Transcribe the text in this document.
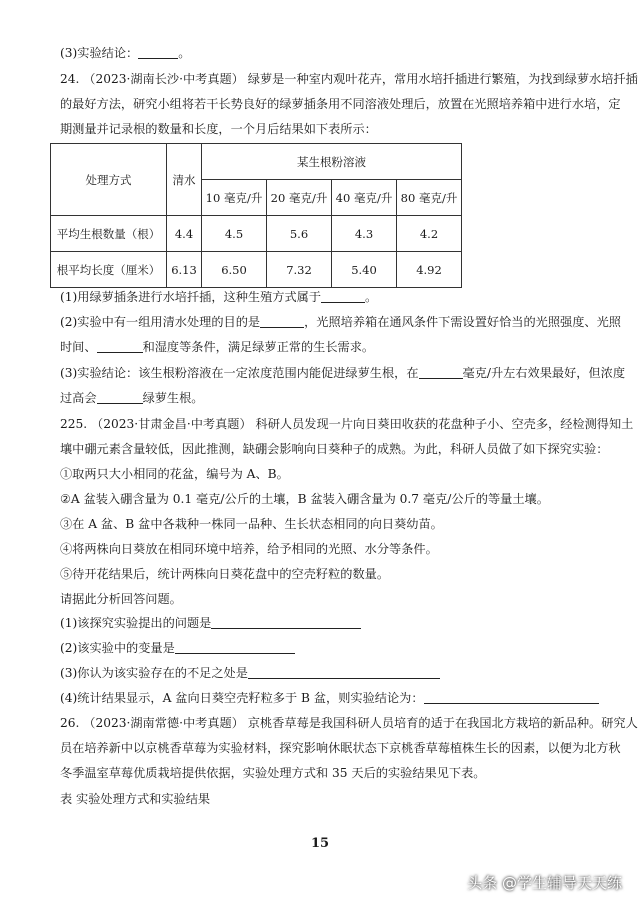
(3)实验结论：	。
24. （2023·湖南长沙·中考真题） 绿萝是一种室内观叶花卉，常用水培扦插进行繁殖，为找到绿萝水培扦插
的最好方法，研究小组将若干长势良好的绿萝插条用不同溶液处理后，放置在光照培养箱中进行水培，定
期测量并记录根的数量和长度，一个月后结果如下表所示：
处理方式	清水	某生根粉溶液			
		10 毫克/升	20 毫克/升	40 毫克/升	80 毫克/升
平均生根数量（根）	4.4	4.5	5.6	4.3	4.2
根平均长度（厘米）	6.13	6.50	7.32	5.40	4.92
(1)用绿萝插条进行水培扦插，这种生殖方式属于	。
(2)实验中有一组用清水处理的目的是	，光照培养箱在通风条件下需设置好恰当的光照强度、光照
时间、	和湿度等条件，满足绿萝正常的生长需求。
(3)实验结论：该生根粉溶液在一定浓度范围内能促进绿萝生根，在	毫克/升左右效果最好，但浓度
过高会	绿萝生根。
225. （2023·甘肃金昌·中考真题） 科研人员发现一片向日葵田收获的花盘种子小、空壳多，经检测得知土
壤中硼元素含量较低，因此推测，缺硼会影响向日葵种子的成熟。为此，科研人员做了如下探究实验：
①取两只大小相同的花盆，编号为 A、B。
②A 盆装入硼含量为 0.1 毫克/公斤的土壤，B 盆装入硼含量为 0.7 毫克/公斤的等量土壤。
③在 A 盆、B 盆中各栽种一株同一品种、生长状态相同的向日葵幼苗。
④将两株向日葵放在相同环境中培养，给予相同的光照、水分等条件。
⑤待开花结果后，统计两株向日葵花盘中的空壳籽粒的数量。
请据此分析回答问题。
(1)该探究实验提出的问题是
(2)该实验中的变量是
(3)你认为该实验存在的不足之处是
(4)统计结果显示，A 盆向日葵空壳籽粒多于 B 盆，则实验结论为：
26. （2023·湖南常德·中考真题） 京桃香草莓是我国科研人员培育的适于在我国北方栽培的新品种。研究人
员在培养新中以京桃香草莓为实验材料，探究影响休眠状态下京桃香草莓植株生长的因素，以便为北方秋
冬季温室草莓优质栽培提供依据，实验处理方式和 35 天后的实验结果见下表。
表 实验处理方式和实验结果
15
头条 @学生辅导天天练
